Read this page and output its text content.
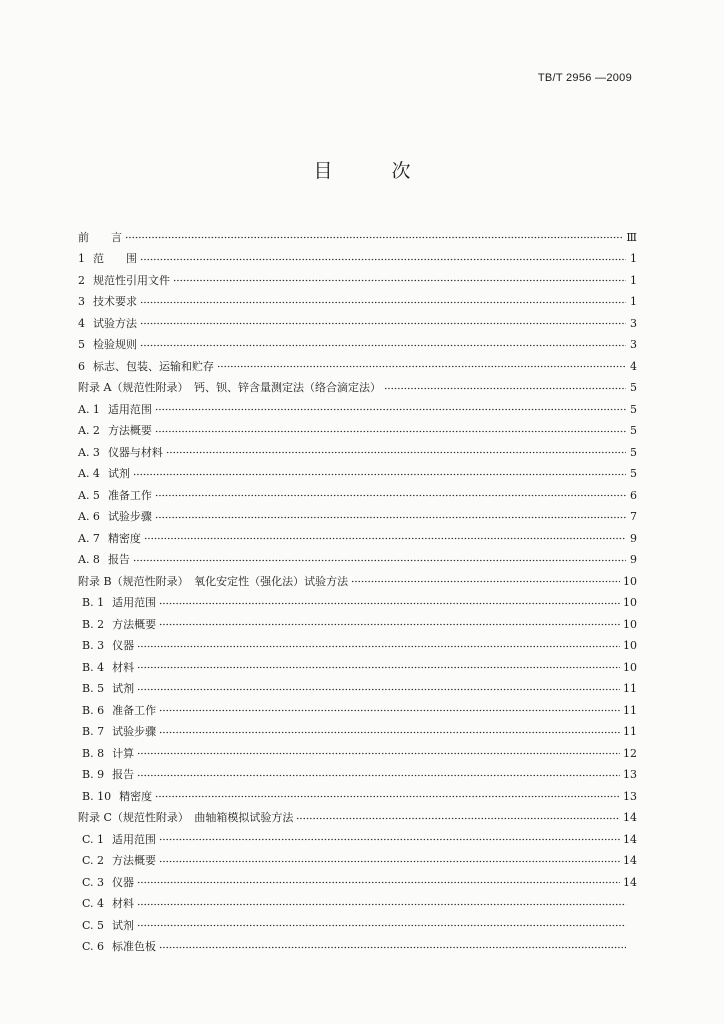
TB/T 2956 —2009
目　次
前　　言	Ⅲ
1 范　　围	1
2 规范性引用文件	1
3 技术要求	1
4 试验方法	3
5 检验规则	3
6 标志、包装、运输和贮存	4
附录 A（规范性附录）　钙、钡、锌含量测定法（络合滴定法）	5
A. 1 适用范围	5
A. 2 方法概要	5
A. 3 仪器与材料	5
A. 4 试剂	5
A. 5 准备工作	6
A. 6 试验步骤	7
A. 7 精密度	9
A. 8 报告	9
附录 B（规范性附录）　氧化安定性（强化法）试验方法	10
B. 1 适用范围	10
B. 2 方法概要	10
B. 3 仪器	10
B. 4 材料	10
B. 5 试剂	11
B. 6 准备工作	11
B. 7 试验步骤	11
B. 8 计算	12
B. 9 报告	13
B. 10 精密度	13
附录 C（规范性附录）　曲轴箱模拟试验方法	14
C. 1 适用范围	14
C. 2 方法概要	14
C. 3 仪器	14
C. 4 材料
C. 5 试剂
C. 6 标准色板
